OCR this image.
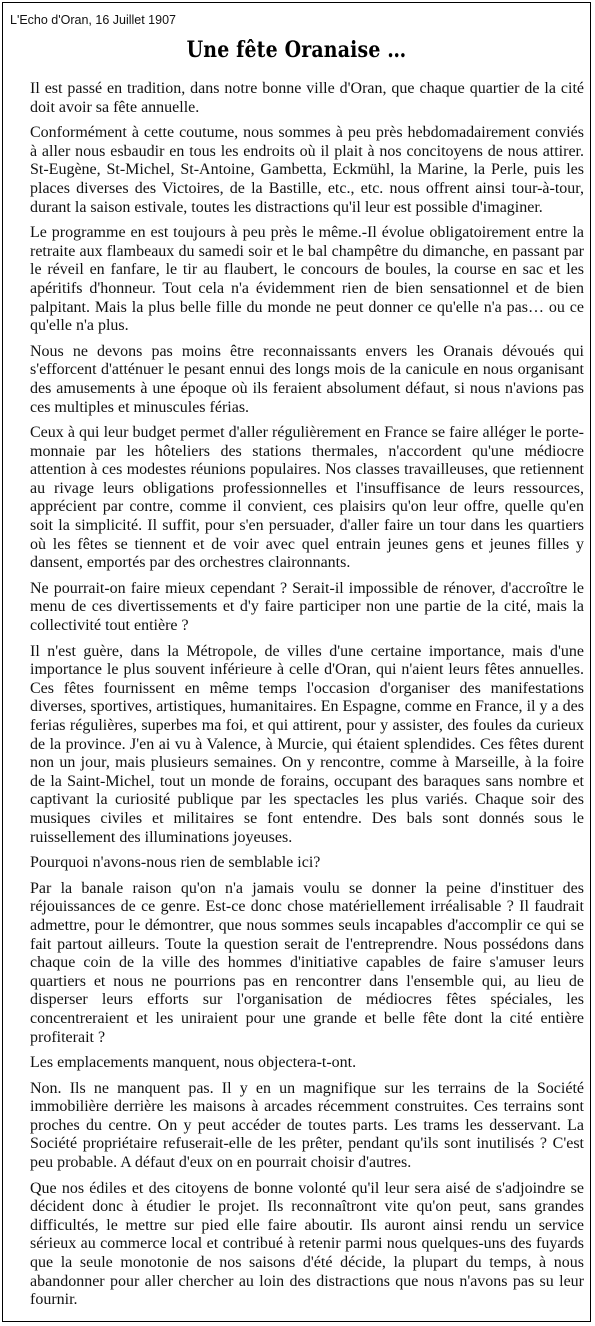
L'Echo d'Oran, 16 Juillet 1907
Une fête Oranaise …

Il est passé en tradition, dans notre bonne ville d'Oran, que chaque quartier de la cité doit avoir sa fête annuelle.

Conformément à cette coutume, nous sommes à peu près hebdomadairement conviés à aller nous esbaudir en tous les endroits où il plait à nos concitoyens de nous attirer. St-Eugène, St-Michel, St-Antoine, Gambetta, Eckmühl, la Marine, la Perle, puis les places diverses des Victoires, de la Bastille, etc., etc. nous offrent ainsi tour-à-tour, durant la saison estivale, toutes les distractions qu'il leur est possible d'imaginer.

Le programme en est toujours à peu près le même.-Il évolue obligatoirement entre la retraite aux flambeaux du samedi soir et le bal champêtre du dimanche, en passant par le réveil en fanfare, le tir au flaubert, le concours de boules, la course en sac et les apéritifs d'honneur. Tout cela n'a évidemment rien de bien sensationnel et de bien palpitant. Mais la plus belle fille du monde ne peut donner ce qu'elle n'a pas… ou ce qu'elle n'a plus.

Nous ne devons pas moins être reconnaissants envers les Oranais dévoués qui s'efforcent d'atténuer le pesant ennui des longs mois de la canicule en nous organisant des amusements à une époque où ils feraient absolument défaut, si nous n'avions pas ces multiples et minuscules férias.

Ceux à qui leur budget permet d'aller régulièrement en France se faire alléger le porte-monnaie par les hôteliers des stations thermales, n'accordent qu'une médiocre attention à ces modestes réunions populaires. Nos classes travailleuses, que retiennent au rivage leurs obligations professionnelles et l'insuffisance de leurs ressources, apprécient par contre, comme il convient, ces plaisirs qu'on leur offre, quelle qu'en soit la simplicité. Il suffit, pour s'en persuader, d'aller faire un tour dans les quartiers où les fêtes se tiennent et de voir avec quel entrain jeunes gens et jeunes filles y dansent, emportés par des orchestres claironnants.

Ne pourrait-on faire mieux cependant ? Serait-il impossible de rénover, d'accroître le menu de ces divertissements et d'y faire participer non une partie de la cité, mais la collectivité tout entière ?

Il n'est guère, dans la Métropole, de villes d'une certaine importance, mais d'une importance le plus souvent inférieure à celle d'Oran, qui n'aient leurs fêtes annuelles. Ces fêtes fournissent en même temps l'occasion d'organiser des manifestations diverses, sportives, artistiques, humanitaires. En Espagne, comme en France, il y a des ferias régulières, superbes ma foi, et qui attirent, pour y assister, des foules da curieux de la province. J'en ai vu à Valence, à Murcie, qui étaient splendides. Ces fêtes durent non un jour, mais plusieurs semaines. On y rencontre, comme à Marseille, à la foire de la Saint-Michel, tout un monde de forains, occupant des baraques sans nombre et captivant la curiosité publique par les spectacles les plus variés. Chaque soir des musiques civiles et militaires se font entendre. Des bals sont donnés sous le ruissellement des illuminations joyeuses.

Pourquoi n'avons-nous rien de semblable ici?

Par la banale raison qu'on n'a jamais voulu se donner la peine d'instituer des réjouissances de ce genre. Est-ce donc chose matériellement irréalisable ? Il faudrait admettre, pour le démontrer, que nous sommes seuls incapables d'accomplir ce qui se fait partout ailleurs. Toute la question serait de l'entreprendre. Nous possédons dans chaque coin de la ville des hommes d'initiative capables de faire s'amuser leurs quartiers et nous ne pourrions pas en rencontrer dans l'ensemble qui, au lieu de disperser leurs efforts sur l'organisation de médiocres fêtes spéciales, les concentreraient et les uniraient pour une grande et belle fête dont la cité entière profiterait ?

Les emplacements manquent, nous objectera-t-ont.

Non. Ils ne manquent pas. Il y en un magnifique sur les terrains de la Société immobilière derrière les maisons à arcades récemment construites. Ces terrains sont proches du centre. On y peut accéder de toutes parts. Les trams les desservant. La Société propriétaire refuserait-elle de les prêter, pendant qu'ils sont inutilisés ? C'est peu probable. A défaut d'eux on en pourrait choisir d'autres.

Que nos édiles et des citoyens de bonne volonté qu'il leur sera aisé de s'adjoindre se décident donc à étudier le projet. Ils reconnaîtront vite qu'on peut, sans grandes difficultés, le mettre sur pied elle faire aboutir. Ils auront ainsi rendu un service sérieux au commerce local et contribué à retenir parmi nous quelques-uns des fuyards que la seule monotonie de nos saisons d'été décide, la plupart du temps, à nous abandonner pour aller chercher au loin des distractions que nous n'avons pas su leur fournir.
